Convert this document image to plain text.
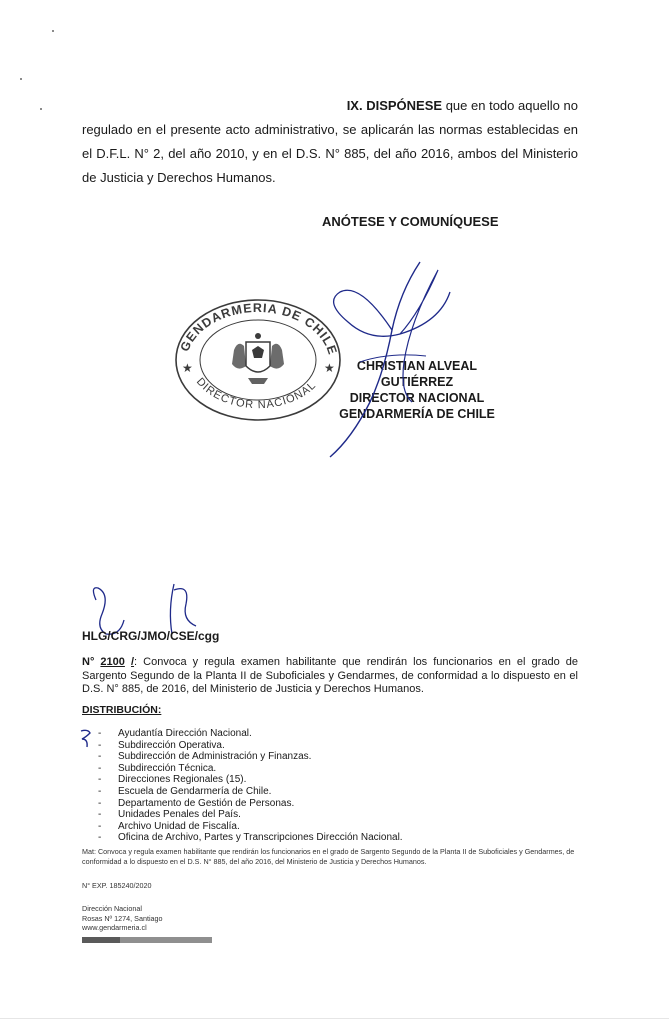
IX. DISPÓNESE que en todo aquello no
regulado en el presente acto administrativo, se aplicarán las normas establecidas en el D.F.L. N° 2, del año 2010, y en el D.S. N° 885, del año 2016, ambos del Ministerio de Justicia y Derechos Humanos.
ANÓTESE Y COMUNÍQUESE
GENDARMERIA DE CHILE
DIRECTOR NACIONAL
★	★	CHRISTIAN ALVEAL GUTIÉRREZ
DIRECTOR NACIONAL
GENDARMERÍA DE CHILE
HLG/CRG/JMO/CSE/cgg
N° 2100 /: Convoca y regula examen habilitante que rendirán los funcionarios en el grado de Sargento Segundo de la Planta II de Suboficiales y Gendarmes, de conformidad a lo dispuesto en el D.S. N° 885, de 2016, del Ministerio de Justicia y Derechos Humanos.
DISTRIBUCIÓN:
-	Ayudantía Dirección Nacional.
-	Subdirección Operativa.
-	Subdirección de Administración y Finanzas.
-	Subdirección Técnica.
-	Direcciones Regionales (15).
-	Escuela de Gendarmería de Chile.
-	Departamento de Gestión de Personas.
-	Unidades Penales del País.
-	Archivo Unidad de Fiscalía.
-	Oficina de Archivo, Partes y Transcripciones Dirección Nacional.
Mat: Convoca y regula examen habilitante que rendirán los funcionarios en el grado de Sargento Segundo de la Planta II de Suboficiales y Gendarmes, de conformidad a lo dispuesto en el D.S. N° 885, del año 2016, del Ministerio de Justicia y Derechos Humanos.
N° EXP. 185240/2020
Dirección Nacional
Rosas Nº 1274, Santiago
www.gendarmeria.cl
